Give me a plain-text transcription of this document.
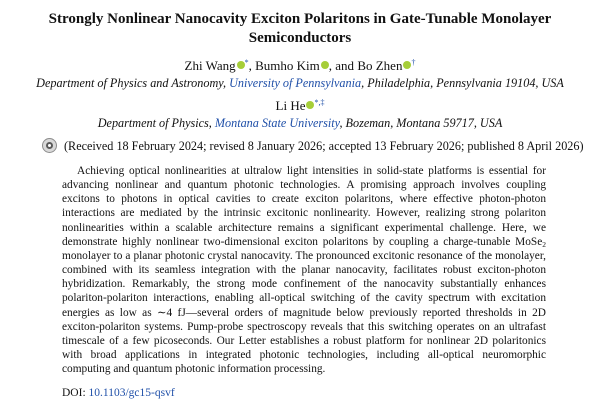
Strongly Nonlinear Nanocavity Exciton Polaritons in Gate-Tunable Monolayer Semiconductors
Zhi Wang *, Bumho Kim , and Bo Zhen †
Department of Physics and Astronomy, University of Pennsylvania, Philadelphia, Pennsylvania 19104, USA
Li He *,‡
Department of Physics, Montana State University, Bozeman, Montana 59717, USA
(Received 18 February 2024; revised 8 January 2026; accepted 13 February 2026; published 8 April 2026)

Achieving optical nonlinearities at ultralow light intensities in solid-state platforms is essential for advancing nonlinear and quantum photonic technologies. A promising approach involves coupling excitons to photons in optical cavities to create exciton polaritons, where effective photon-photon interactions are mediated by the intrinsic excitonic nonlinearity. However, realizing strong polariton nonlinearities within a scalable architecture remains a significant experimental challenge. Here, we demonstrate highly nonlinear two-dimensional exciton polaritons by coupling a charge-tunable MoSe$_2$ monolayer to a planar photonic crystal nanocavity. The pronounced excitonic resonance of the monolayer, combined with its seamless integration with the planar nanocavity, facilitates robust exciton-photon hybridization. Remarkably, the strong mode confinement of the nanocavity substantially enhances polariton-polariton interactions, enabling all-optical switching of the cavity spectrum with excitation energies as low as ∼4 fJ—several orders of magnitude below previously reported thresholds in 2D exciton-polariton systems. Pump-probe spectroscopy reveals that this switching operates on an ultrafast timescale of a few picoseconds. Our Letter establishes a robust platform for nonlinear 2D polaritonics with broad applications in integrated photonic technologies, including all-optical neuromorphic computing and quantum photonic information processing.

DOI: 10.1103/gc15-qsvf
